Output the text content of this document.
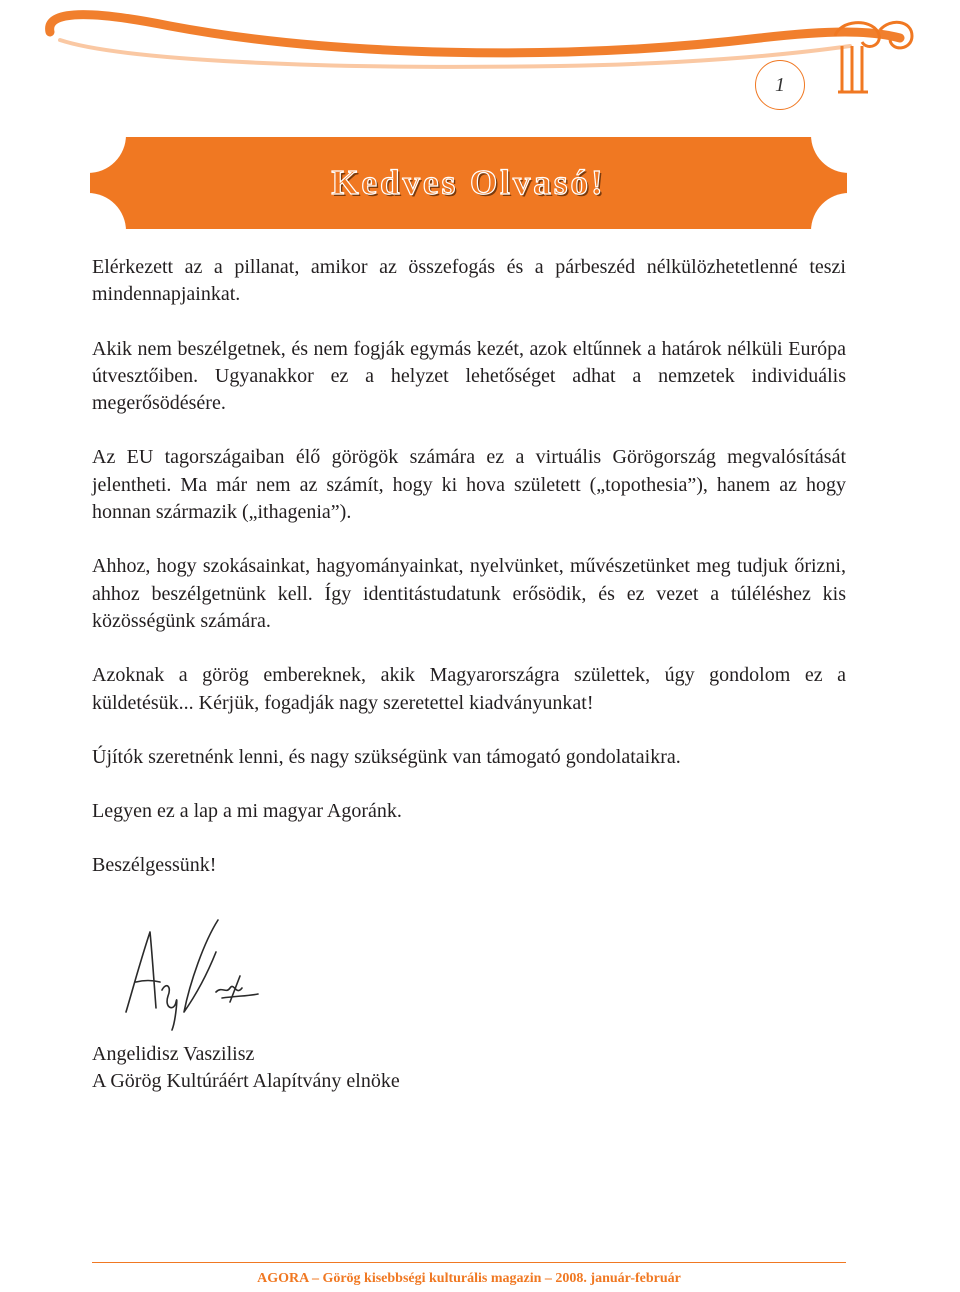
1
Kedves Olvasó!

Elérkezett az a pillanat, amikor az összefogás és a párbeszéd nélkülözhetetlenné teszi mindennapjainkat.

Akik nem beszélgetnek, és nem fogják egymás kezét, azok eltűnnek a határok nélküli Európa útvesztőiben. Ugyanakkor ez a helyzet lehetőséget adhat a nemzetek individuális megerősödésére.

Az EU tagországaiban élő görögök számára ez a virtuális Görögország megvalósítását jelentheti. Ma már nem az számít, hogy ki hova született („topothesia”), hanem az hogy honnan származik („ithagenia”).

Ahhoz, hogy szokásainkat, hagyományainkat, nyelvünket, művészetünket meg tudjuk őrizni, ahhoz beszélgetnünk kell. Így identitástudatunk erősödik, és ez vezet a túléléshez kis közösségünk számára.

Azoknak a görög embereknek, akik Magyarországra születtek, úgy gondolom ez a küldetésük... Kérjük, fogadják nagy szeretettel kiadványunkat!

Újítók szeretnénk lenni, és nagy szükségünk van támogató gondolataikra.

Legyen ez a lap a mi magyar Agoránk.

Beszélgessünk!

Angelidisz Vaszilisz
A Görög Kultúráért Alapítvány elnöke
AGORA – Görög kisebbségi kulturális magazin – 2008. január-február
